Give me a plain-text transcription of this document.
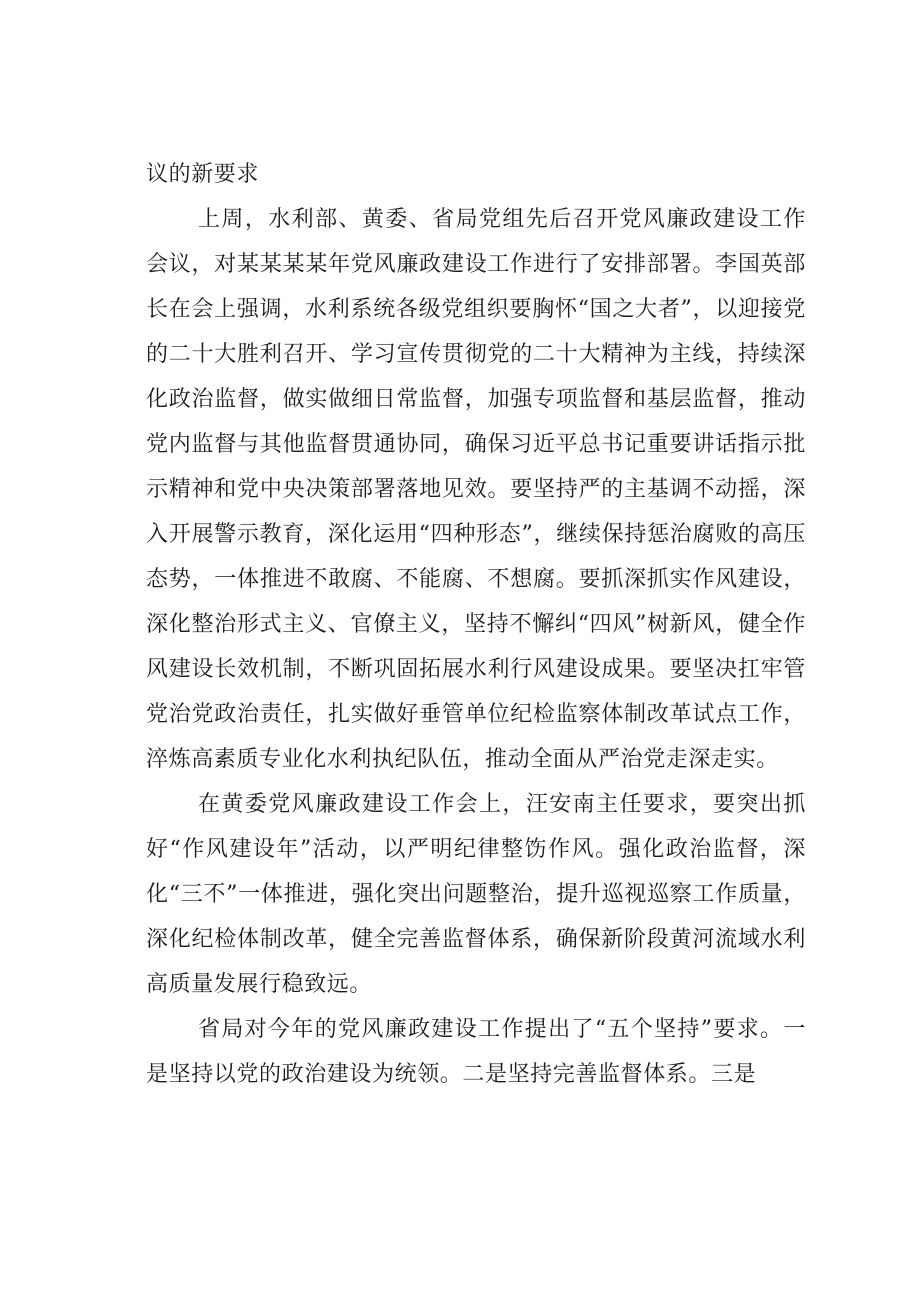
议的新要求

上周，水利部、黄委、省局党组先后召开党风廉政建设工作会议，对某某某某年党风廉政建设工作进行了安排部署。李国英部长在会上强调，水利系统各级党组织要胸怀“国之大者”，以迎接党的二十大胜利召开、学习宣传贯彻党的二十大精神为主线，持续深化政治监督，做实做细日常监督，加强专项监督和基层监督，推动党内监督与其他监督贯通协同，确保习近平总书记重要讲话指示批示精神和党中央决策部署落地见效。要坚持严的主基调不动摇，深入开展警示教育，深化运用“四种形态”，继续保持惩治腐败的高压态势，一体推进不敢腐、不能腐、不想腐。要抓深抓实作风建设，深化整治形式主义、官僚主义，坚持不懈纠“四风”树新风，健全作风建设长效机制，不断巩固拓展水利行风建设成果。要坚决扛牢管党治党政治责任，扎实做好垂管单位纪检监察体制改革试点工作，淬炼高素质专业化水利执纪队伍，推动全面从严治党走深走实。

在黄委党风廉政建设工作会上，汪安南主任要求，要突出抓好“作风建设年”活动，以严明纪律整饬作风。强化政治监督，深化“三不”一体推进，强化突出问题整治，提升巡视巡察工作质量，深化纪检体制改革，健全完善监督体系，确保新阶段黄河流域水利高质量发展行稳致远。

省局对今年的党风廉政建设工作提出了“五个坚持”要求。一是坚持以党的政治建设为统领。二是坚持完善监督体系。三是
